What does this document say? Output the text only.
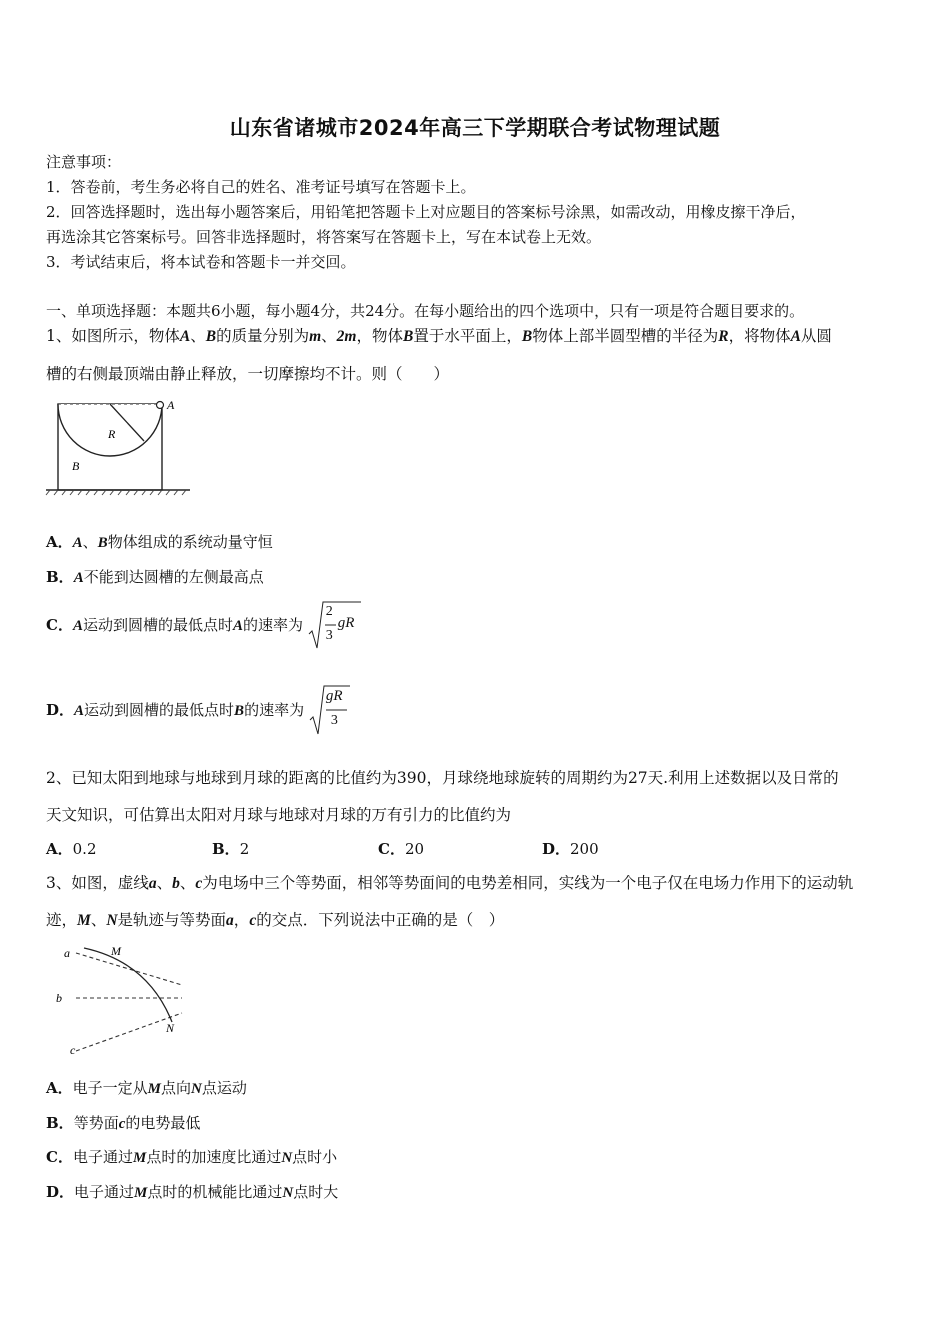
山东省诸城市2024年高三下学期联合考试物理试题
注意事项：
1．答卷前，考生务必将自己的姓名、准考证号填写在答题卡上。
2．回答选择题时，选出每小题答案后，用铅笔把答题卡上对应题目的答案标号涂黑，如需改动，用橡皮擦干净后，
再选涂其它答案标号。回答非选择题时，将答案写在答题卡上，写在本试卷上无效。
3．考试结束后，将本试卷和答题卡一并交回。
一、单项选择题：本题共6小题，每小题4分，共24分。在每小题给出的四个选项中，只有一项是符合题目要求的。
1、如图所示，物体A、B的质量分别为m、2m，物体B置于水平面上，B物体上部半圆型槽的半径为R，将物体A从圆
槽的右侧最顶端由静止释放，一切摩擦均不计。则（　　）
A
R
B
A．A、B物体组成的系统动量守恒
B．A不能到达圆槽的左侧最高点
C．A运动到圆槽的最低点时A的速率为
2
3
gR
D．A运动到圆槽的最低点时B的速率为
gR
3
2、已知太阳到地球与地球到月球的距离的比值约为390，月球绕地球旋转的周期约为27天.利用上述数据以及日常的
天文知识，可估算出太阳对月球与地球对月球的万有引力的比值约为
A．0.2	B．2	C．20	D．200
3、如图，虚线a、b、c为电场中三个等势面，相邻等势面间的电势差相同，实线为一个电子仅在电场力作用下的运动轨
迹，M、N是轨迹与等势面a，c的交点．下列说法中正确的是（　）
a
b
c
M
N
A．电子一定从M点向N点运动
B．等势面c的电势最低
C．电子通过M点时的加速度比通过N点时小
D．电子通过M点时的机械能比通过N点时大
